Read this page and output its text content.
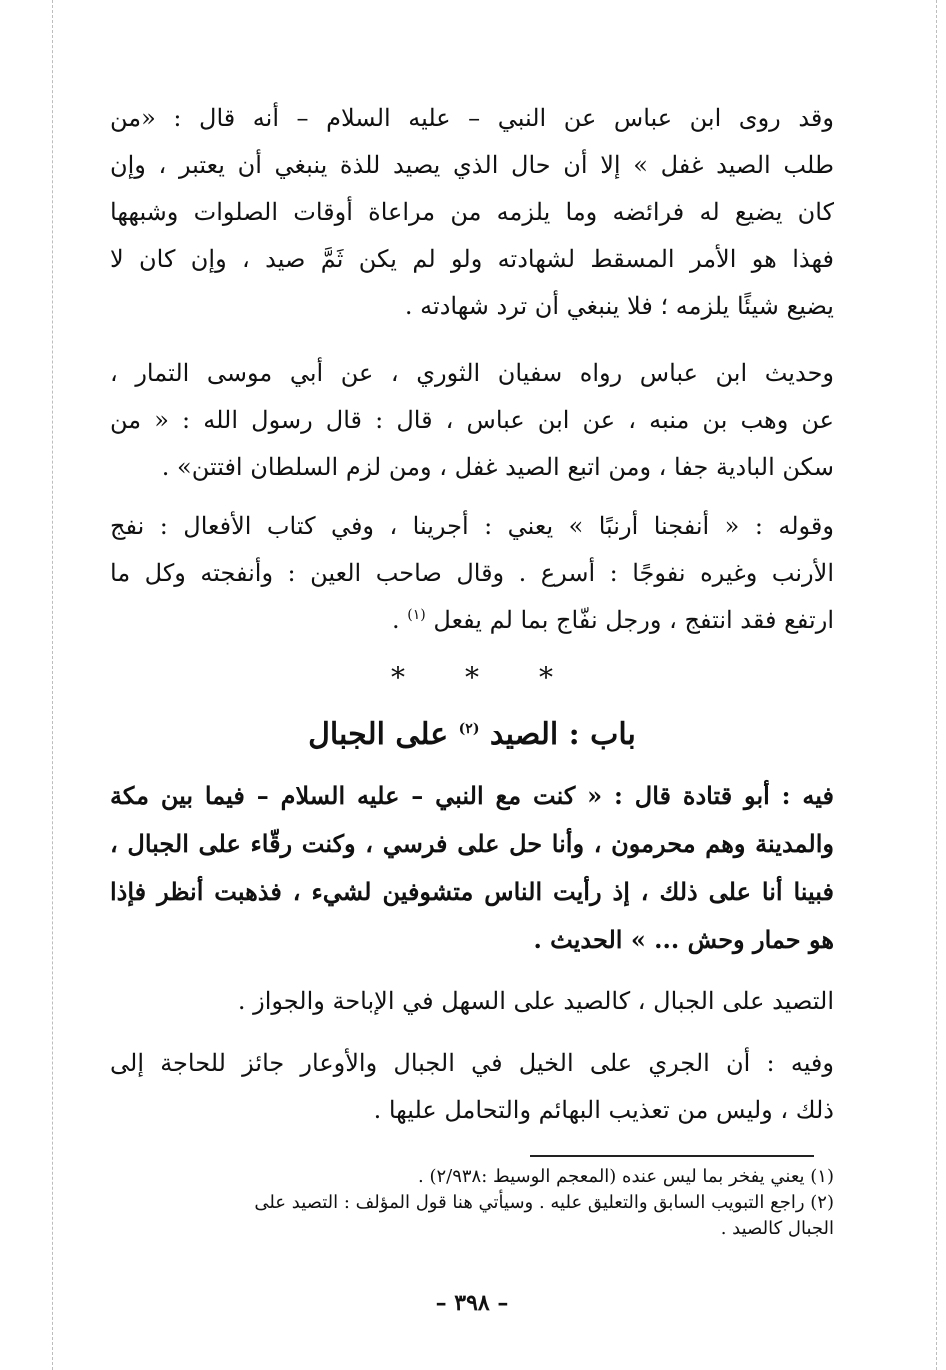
وقد روى ابن عباس عن النبي – عليه السلام – أنه قال : «من
طلب الصيد غفل » إلا أن حال الذي يصيد للذة ينبغي أن يعتبر ، وإن
كان يضيع له فرائضه وما يلزمه من مراعاة أوقات الصلوات وشبهها
فهذا هو الأمر المسقط لشهادته ولو لم يكن ثَمَّ صيد ، وإن كان لا
يضيع شيئًا يلزمه ؛ فلا ينبغي أن ترد شهادته .
وحديث ابن عباس رواه سفيان الثوري ، عن أبي موسى التمار ،
عن وهب بن منبه ، عن ابن عباس ، قال : قال رسول الله : « من
سكن البادية جفا ، ومن اتبع الصيد غفل ، ومن لزم السلطان افتتن» .
وقوله : « أنفجنا أرنبًا » يعني : أجرينا ، وفي كتاب الأفعال : نفج
الأرنب وغيره نفوجًا : أسرع . وقال صاحب العين : وأنفجته وكل ما
ارتفع فقد انتفج ، ورجل نفّاج بما لم يفعل $^{(١)}$ .
* * *
باب : الصيد $^{(٢)}$ على الجبال
فيه : أبو قتادة قال : « كنت مع النبي – عليه السلام – فيما بين مكة
والمدينة وهم محرمون ، وأنا حل على فرسي ، وكنت رقّاء على الجبال ،
فبينا أنا على ذلك ، إذ رأيت الناس متشوفين لشيء ، فذهبت أنظر فإذا
هو حمار وحش ... » الحديث .
التصيد على الجبال ، كالصيد على السهل في الإباحة والجواز .
وفيه : أن الجري على الخيل في الجبال والأوعار جائز للحاجة إلى
ذلك ، وليس من تعذيب البهائم والتحامل عليها .
(١) يعني يفخر بما ليس عنده (المعجم الوسيط :٢/٩٣٨) .
(٢) راجع التبويب السابق والتعليق عليه . وسيأتي هنا قول المؤلف : التصيد على
الجبال كالصيد .
– ٣٩٨ –
